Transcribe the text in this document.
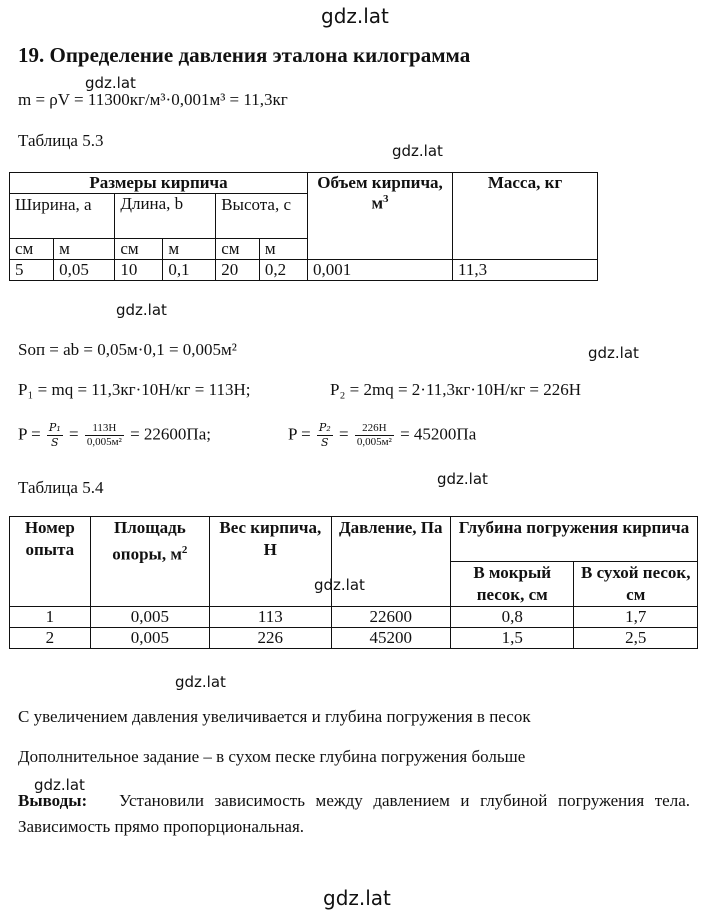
gdz.lat
gdz.lat
gdz.lat
gdz.lat
gdz.lat
gdz.lat
gdz.lat
gdz.lat
gdz.lat
gdz.lat
19. Определение давления эталона килограмма
m = ρV = 11300кг/м³·0,001м³ = 11,3кг
Таблица 5.3
Размеры кирпича						Объем кирпича, $м^3$	Масса, кг
Ширина, a		Длина, b		Высота, c			
см	м	см	м	см	м		
5	0,05	10	0,1	20	0,2	0,001	11,3
Sоп = ab = 0,05м·0,1 = 0,005м²
P₁ = mq = 11,3кг·10Н/кг = 113Н;	P₂ = 2mq = 2·11,3кг·10Н/кг = 226Н
$P = \frac{\text{P₁}}{S} = \frac{113Н}{\text{0,005м²}} = 22600Па$;	$P = \frac{\text{P₂}}{S} = \frac{226Н}{\text{0,005м²}} = 45200Па$
Таблица 5.4
Номер опыта	Площадь опоры, $м^2$	Вес кирпича, Н	Давление, Па	Глубина погружения кирпича	
				В мокрый песок, см	В сухой песок, см
1	0,005	113	22600	0,8	1,7
2	0,005	226	45200	1,5	2,5

С увеличением давления увеличивается и глубина погружения в песок

Дополнительное задание – в сухом песке глубина погружения больше

Выводы: Установили зависимость между давлением и глубиной погружения тела. Зависимость прямо пропорциональная.
